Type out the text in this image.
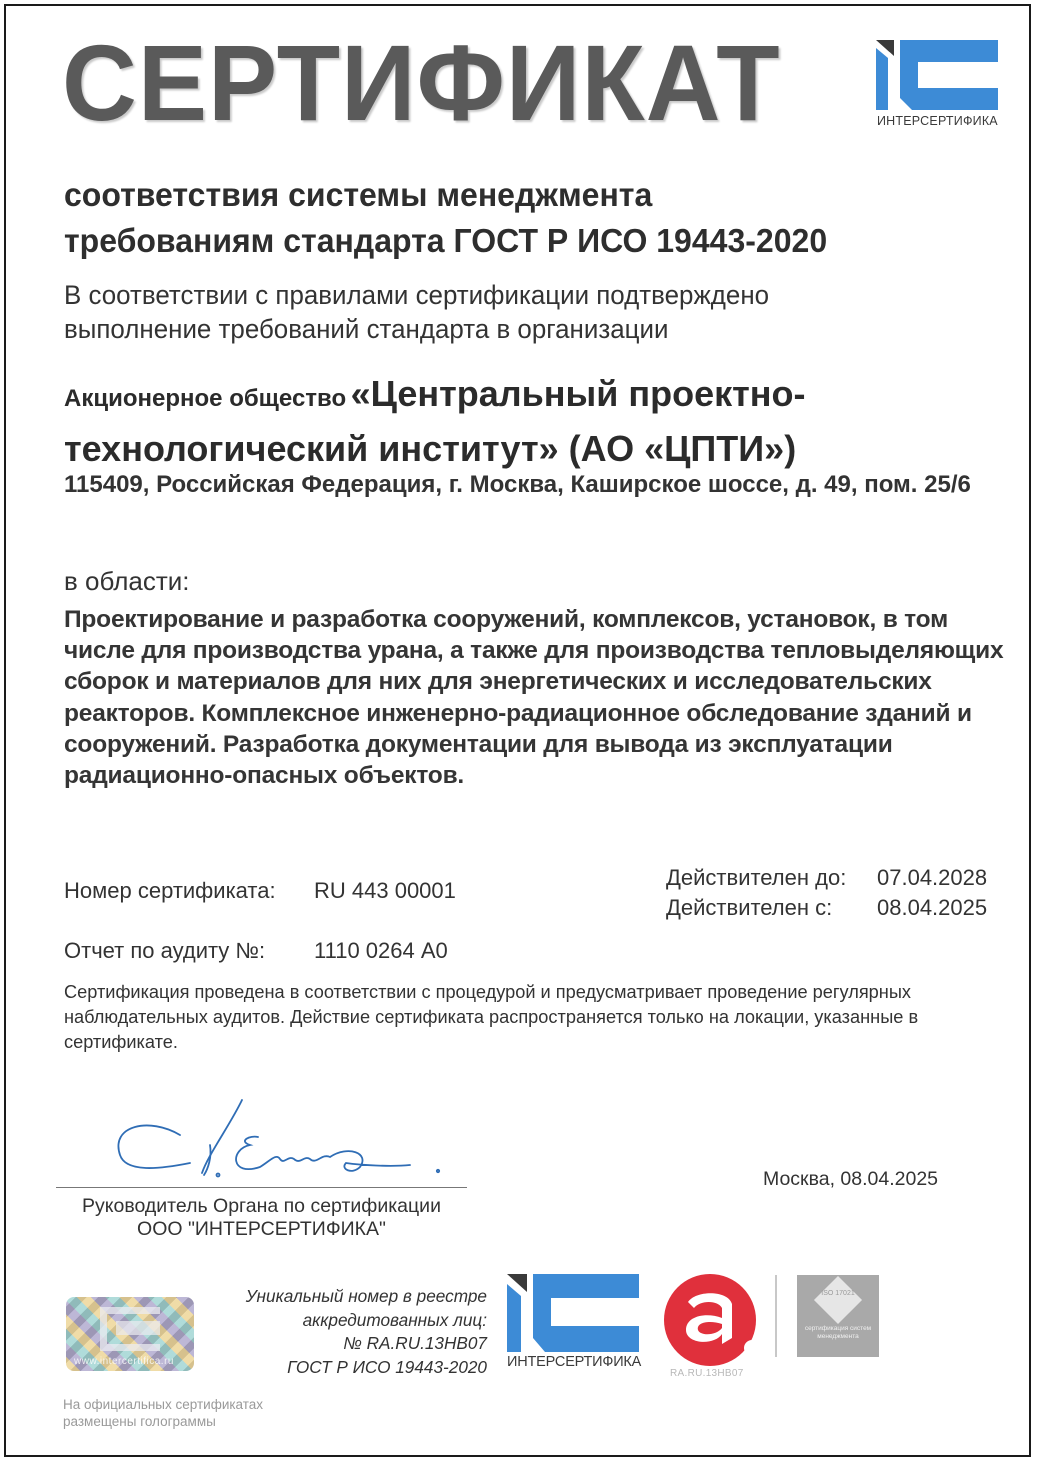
СЕРТИФИКАТ	ИНТЕРСЕРТИФИКА
соответствия системы менеджмента
требованиям стандарта ГОСТ Р ИСО 19443-2020
В соответствии с правилами сертификации подтверждено
выполнение требований стандарта в организации
Акционерное общество «Центральный проектно-
технологический институт» (АО «ЦПТИ»)
115409, Российская Федерация, г. Москва, Каширское шоссе, д. 49, пом. 25/6
в области:
Проектирование и разработка сооружений, комплексов, установок, в том числе для производства урана, а также для производства тепловыделяющих сборок и материалов для них для энергетических и исследовательских реакторов. Комплексное инженерно-радиационное обследование зданий и сооружений. Разработка документации для вывода из эксплуатации радиационно-опасных объектов.
Номер сертификата: RU 443 00001
Отчет по аудиту №: 1110 0264 А0
Действителен до: 07.04.2028
Действителен с: 08.04.2025
Сертификация проведена в соответствии с процедурой и предусматривает проведение регулярных наблюдательных аудитов. Действие сертификата распространяется только на локации, указанные в сертификате.
Руководитель Органа по сертификации
ООО "ИНТЕРСЕРТИФИКА"
Москва, 08.04.2025
www.intercertifica.ru
Уникальный номер в реестре
аккредитованных лиц:
№ RA.RU.13НВ07
ГОСТ Р ИСО 19443-2020
На официальных сертификатах
размещены голограммы
ИНТЕРСЕРТИФИКА
RA.RU.13HB07
ISO 17021
сертификация систем менеджмента
